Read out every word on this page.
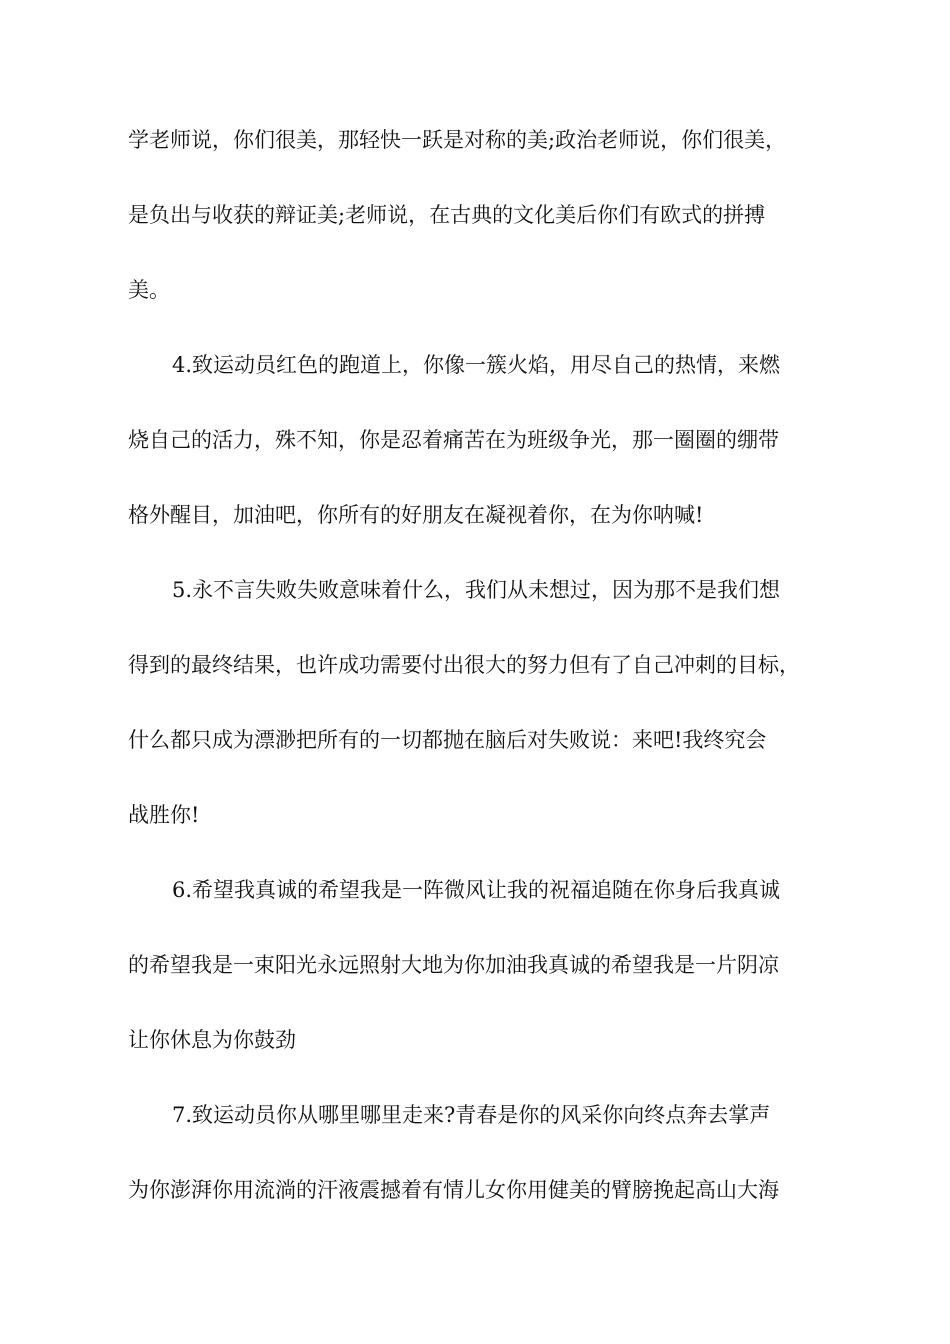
学老师说，你们很美，那轻快一跃是对称的美;政治老师说，你们很美，
是负出与收获的辩证美;老师说，在古典的文化美后你们有欧式的拼搏
美。
4.致运动员红色的跑道上，你像一簇火焰，用尽自己的热情，来燃
烧自己的活力，殊不知，你是忍着痛苦在为班级争光，那一圈圈的绷带
格外醒目，加油吧，你所有的好朋友在凝视着你，在为你呐喊!
5.永不言失败失败意味着什么，我们从未想过，因为那不是我们想
得到的最终结果，也许成功需要付出很大的努力但有了自己冲刺的目标，
什么都只成为漂渺把所有的一切都抛在脑后对失败说：来吧!我终究会
战胜你!
6.希望我真诚的希望我是一阵微风让我的祝福追随在你身后我真诚
的希望我是一束阳光永远照射大地为你加油我真诚的希望我是一片阴凉
让你休息为你鼓劲
7.致运动员你从哪里哪里走来?青春是你的风采你向终点奔去掌声
为你澎湃你用流淌的汗液震撼着有情儿女你用健美的臂膀挽起高山大海
